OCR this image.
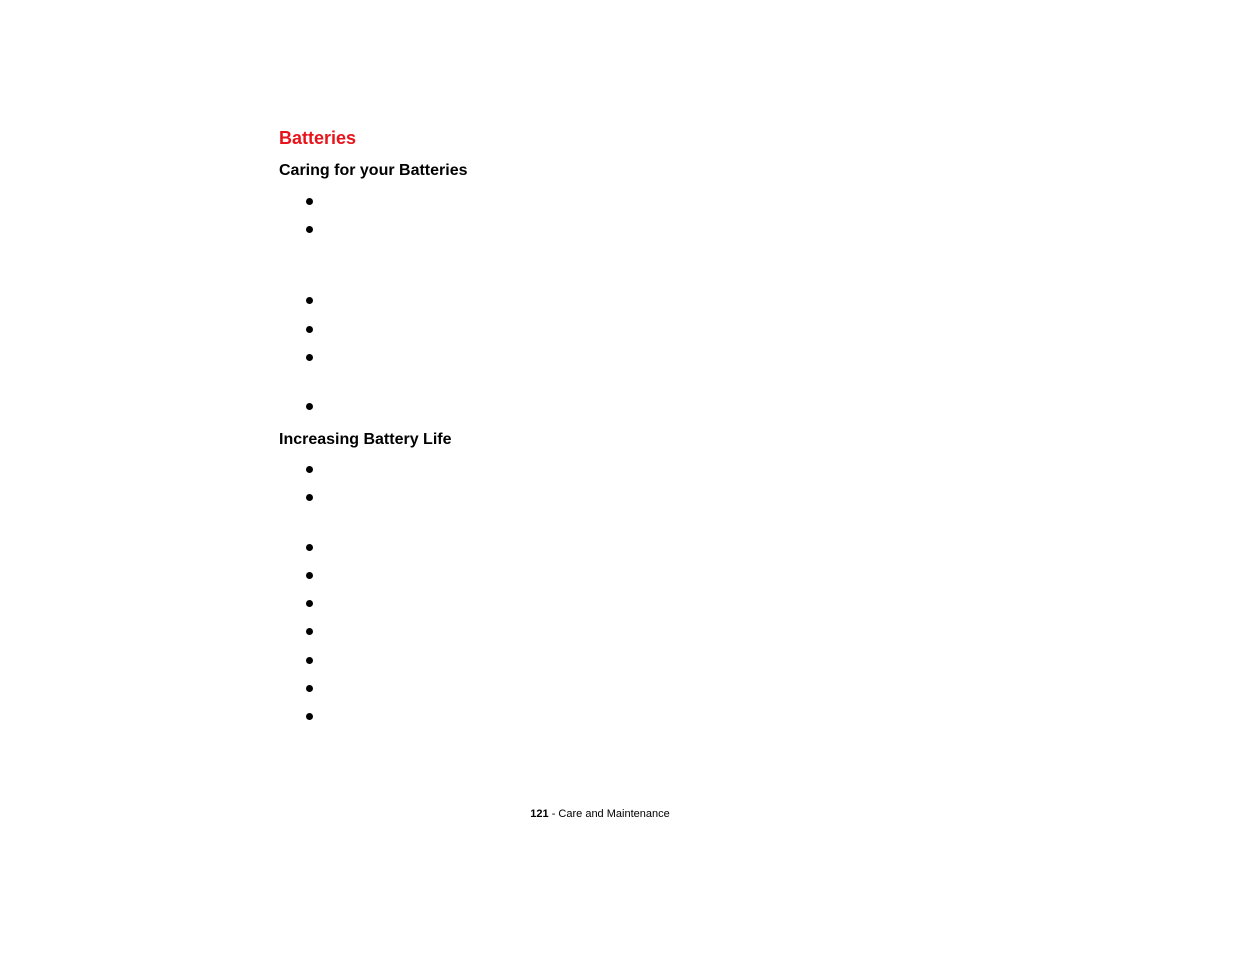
Batteries
Caring for your Batteries
Increasing Battery Life
121 - Care and Maintenance
